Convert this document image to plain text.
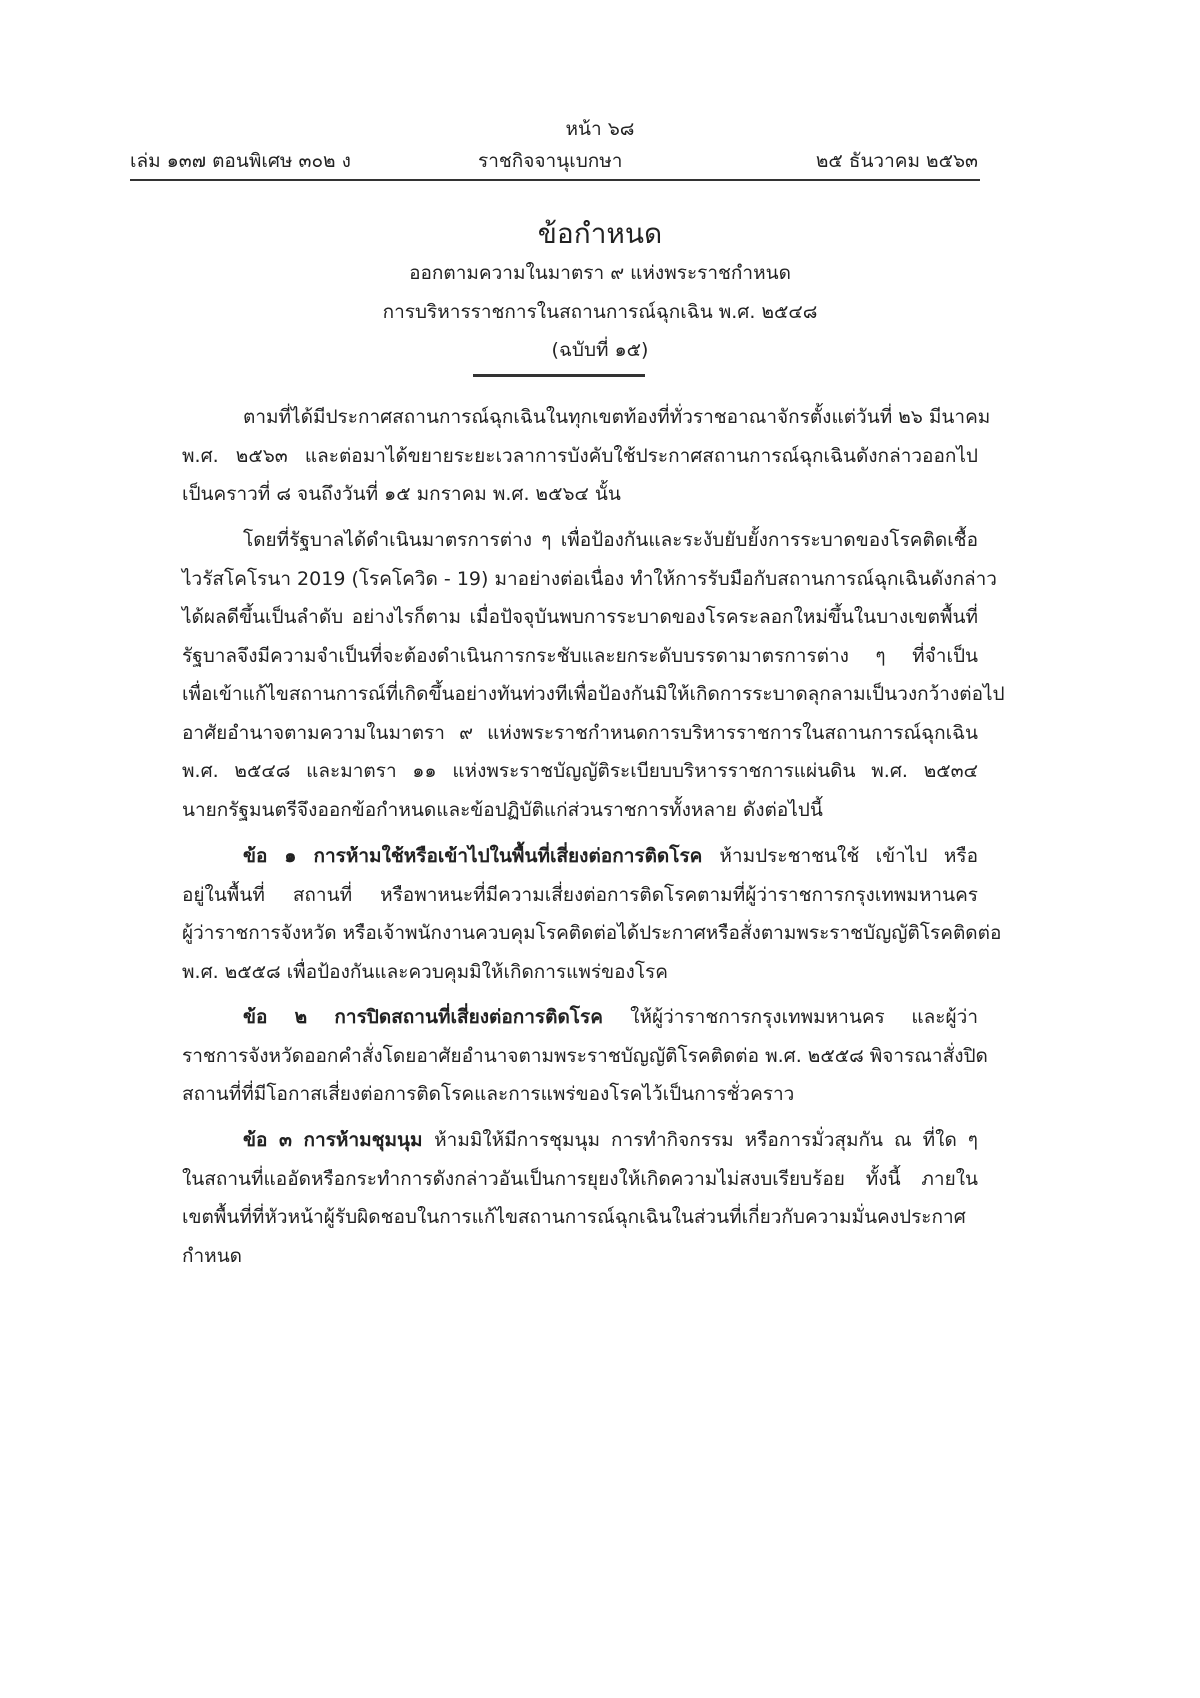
หน้า ๖๘
เล่ม ๑๓๗ ตอนพิเศษ ๓๐๒ ง	ราชกิจจานุเบกษา	๒๕ ธันวาคม ๒๕๖๓
ข้อกำหนด
ออกตามความในมาตรา ๙ แห่งพระราชกำหนด
การบริหารราชการในสถานการณ์ฉุกเฉิน พ.ศ. ๒๕๔๘
(ฉบับที่ ๑๕)
ตามที่ได้มีประกาศสถานการณ์ฉุกเฉินในทุกเขตท้องที่ทั่วราชอาณาจักรตั้งแต่วันที่ ๒๖ มีนาคม
พ.ศ. ๒๕๖๓ และต่อมาได้ขยายระยะเวลาการบังคับใช้ประกาศสถานการณ์ฉุกเฉินดังกล่าวออกไป
เป็นคราวที่ ๘ จนถึงวันที่ ๑๕ มกราคม พ.ศ. ๒๕๖๔ นั้น
โดยที่รัฐบาลได้ดำเนินมาตรการต่าง ๆ เพื่อป้องกันและระงับยับยั้งการระบาดของโรคติดเชื้อ
ไวรัสโคโรนา 2019 (โรคโควิด - 19) มาอย่างต่อเนื่อง ทำให้การรับมือกับสถานการณ์ฉุกเฉินดังกล่าว
ได้ผลดีขึ้นเป็นลำดับ อย่างไรก็ตาม เมื่อปัจจุบันพบการระบาดของโรคระลอกใหม่ขึ้นในบางเขตพื้นที่
รัฐบาลจึงมีความจำเป็นที่จะต้องดำเนินการกระชับและยกระดับบรรดามาตรการต่าง ๆ ที่จำเป็น
เพื่อเข้าแก้ไขสถานการณ์ที่เกิดขึ้นอย่างทันท่วงทีเพื่อป้องกันมิให้เกิดการระบาดลุกลามเป็นวงกว้างต่อไป
อาศัยอำนาจตามความในมาตรา ๙ แห่งพระราชกำหนดการบริหารราชการในสถานการณ์ฉุกเฉิน
พ.ศ. ๒๕๔๘ และมาตรา ๑๑ แห่งพระราชบัญญัติระเบียบบริหารราชการแผ่นดิน พ.ศ. ๒๕๓๔
นายกรัฐมนตรีจึงออกข้อกำหนดและข้อปฏิบัติแก่ส่วนราชการทั้งหลาย ดังต่อไปนี้
ข้อ ๑ การห้ามใช้หรือเข้าไปในพื้นที่เสี่ยงต่อการติดโรค ห้ามประชาชนใช้ เข้าไป หรือ
อยู่ในพื้นที่ สถานที่ หรือพาหนะที่มีความเสี่ยงต่อการติดโรคตามที่ผู้ว่าราชการกรุงเทพมหานคร
ผู้ว่าราชการจังหวัด หรือเจ้าพนักงานควบคุมโรคติดต่อได้ประกาศหรือสั่งตามพระราชบัญญัติโรคติดต่อ
พ.ศ. ๒๕๕๘ เพื่อป้องกันและควบคุมมิให้เกิดการแพร่ของโรค
ข้อ ๒ การปิดสถานที่เสี่ยงต่อการติดโรค ให้ผู้ว่าราชการกรุงเทพมหานคร และผู้ว่า
ราชการจังหวัดออกคำสั่งโดยอาศัยอำนาจตามพระราชบัญญัติโรคติดต่อ พ.ศ. ๒๕๕๘ พิจารณาสั่งปิด
สถานที่ที่มีโอกาสเสี่ยงต่อการติดโรคและการแพร่ของโรคไว้เป็นการชั่วคราว
ข้อ ๓ การห้ามชุมนุม ห้ามมิให้มีการชุมนุม การทำกิจกรรม หรือการมั่วสุมกัน ณ ที่ใด ๆ
ในสถานที่แออัดหรือกระทำการดังกล่าวอันเป็นการยุยงให้เกิดความไม่สงบเรียบร้อย ทั้งนี้ ภายใน
เขตพื้นที่ที่หัวหน้าผู้รับผิดชอบในการแก้ไขสถานการณ์ฉุกเฉินในส่วนที่เกี่ยวกับความมั่นคงประกาศ
กำหนด
